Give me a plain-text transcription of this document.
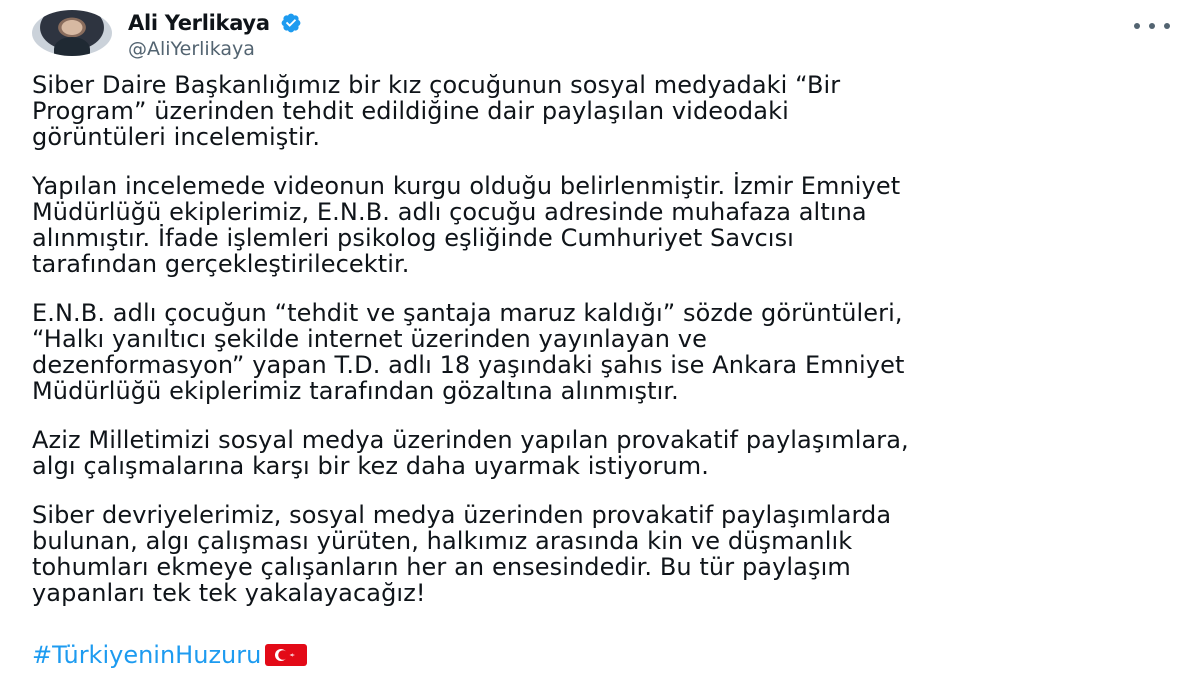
Ali Yerlikaya
@AliYerlikaya

Siber Daire Başkanlığımız bir kız çocuğunun sosyal medyadaki “Bir
Program” üzerinden tehdit edildiğine dair paylaşılan videodaki
görüntüleri incelemiştir.

Yapılan incelemede videonun kurgu olduğu belirlenmiştir. İzmir Emniyet
Müdürlüğü ekiplerimiz, E.N.B. adlı çocuğu adresinde muhafaza altına
alınmıştır. İfade işlemleri psikolog eşliğinde Cumhuriyet Savcısı
tarafından gerçekleştirilecektir.

E.N.B. adlı çocuğun “tehdit ve şantaja maruz kaldığı” sözde görüntüleri,
“Halkı yanıltıcı şekilde internet üzerinden yayınlayan ve
dezenformasyon” yapan T.D. adlı 18 yaşındaki şahıs ise Ankara Emniyet
Müdürlüğü ekiplerimiz tarafından gözaltına alınmıştır.

Aziz Milletimizi sosyal medya üzerinden yapılan provakatif paylaşımlara,
algı çalışmalarına karşı bir kez daha uyarmak istiyorum.

Siber devriyelerimiz, sosyal medya üzerinden provakatif paylaşımlarda
bulunan, algı çalışması yürüten, halkımız arasında kin ve düşmanlık
tohumları ekmeye çalışanların her an ensesindedir. Bu tür paylaşım
yapanları tek tek yakalayacağız!

#TürkiyeninHuzuru
